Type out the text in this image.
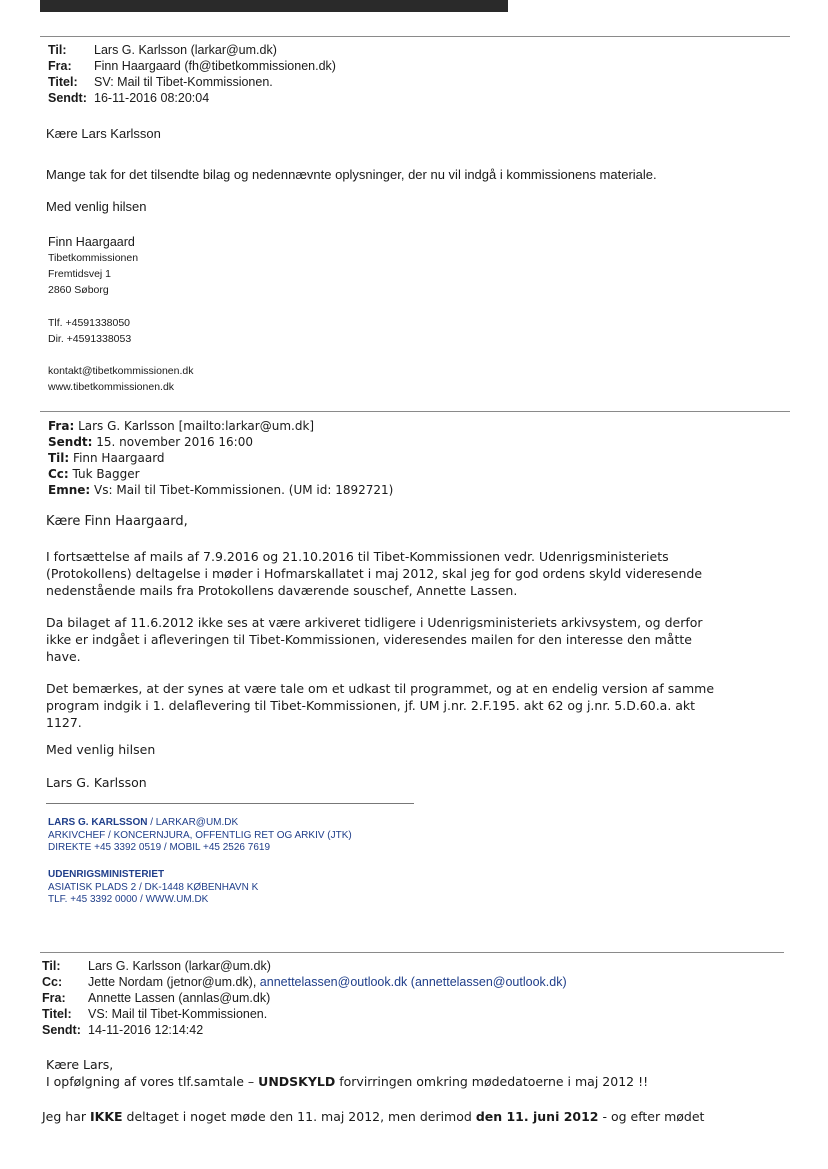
Til: Lars G. Karlsson (larkar@um.dk)
Fra: Finn Haargaard (fh@tibetkommissionen.dk)
Titel: SV: Mail til Tibet-Kommissionen.
Sendt: 16-11-2016 08:20:04
Kære Lars Karlsson
Mange tak for det tilsendte bilag og nedennævnte oplysninger, der nu vil indgå i kommissionens materiale.
Med venlig hilsen
Finn Haargaard
Tibetkommissionen
Fremtidsvej 1
2860 Søborg
Tlf. +4591338050
Dir. +4591338053
kontakt@tibetkommissionen.dk
www.tibetkommissionen.dk
Fra: Lars G. Karlsson [mailto:larkar@um.dk]
Sendt: 15. november 2016 16:00
Til: Finn Haargaard
Cc: Tuk Bagger
Emne: Vs: Mail til Tibet-Kommissionen. (UM id: 1892721)
Kære Finn Haargaard,
I fortsættelse af mails af 7.9.2016 og 21.10.2016 til Tibet-Kommissionen vedr. Udenrigsministeriets
(Protokollens) deltagelse i møder i Hofmarskallatet i maj 2012, skal jeg for god ordens skyld videresende
nedenstående mails fra Protokollens daværende souschef, Annette Lassen.
Da bilaget af 11.6.2012 ikke ses at være arkiveret tidligere i Udenrigsministeriets arkivsystem, og derfor
ikke er indgået i afleveringen til Tibet-Kommissionen, videresendes mailen for den interesse den måtte
have.
Det bemærkes, at der synes at være tale om et udkast til programmet, og at en endelig version af samme
program indgik i 1. delaflevering til Tibet-Kommissionen, jf. UM j.nr. 2.F.195. akt 62 og j.nr. 5.D.60.a. akt
1127.
Med venlig hilsen
Lars G. Karlsson
LARS G. KARLSSON / LARKAR@UM.DK
ARKIVCHEF / KONCERNJURA, OFFENTLIG RET OG ARKIV (JTK)
DIREKTE +45 3392 0519 / MOBIL +45 2526 7619
UDENRIGSMINISTERIET
ASIATISK PLADS 2 / DK-1448 KØBENHAVN K
TLF. +45 3392 0000 / WWW.UM.DK
Til: Lars G. Karlsson (larkar@um.dk)
Cc: Jette Nordam (jetnor@um.dk), annettelassen@outlook.dk (annettelassen@outlook.dk)
Fra: Annette Lassen (annlas@um.dk)
Titel: VS: Mail til Tibet-Kommissionen.
Sendt: 14-11-2016 12:14:42
Kære Lars,
I opfølgning af vores tlf.samtale – UNDSKYLD forvirringen omkring mødedatoerne i maj 2012 !!
Jeg har IKKE deltaget i noget møde den 11. maj 2012, men derimod den 11. juni 2012 - og efter mødet
